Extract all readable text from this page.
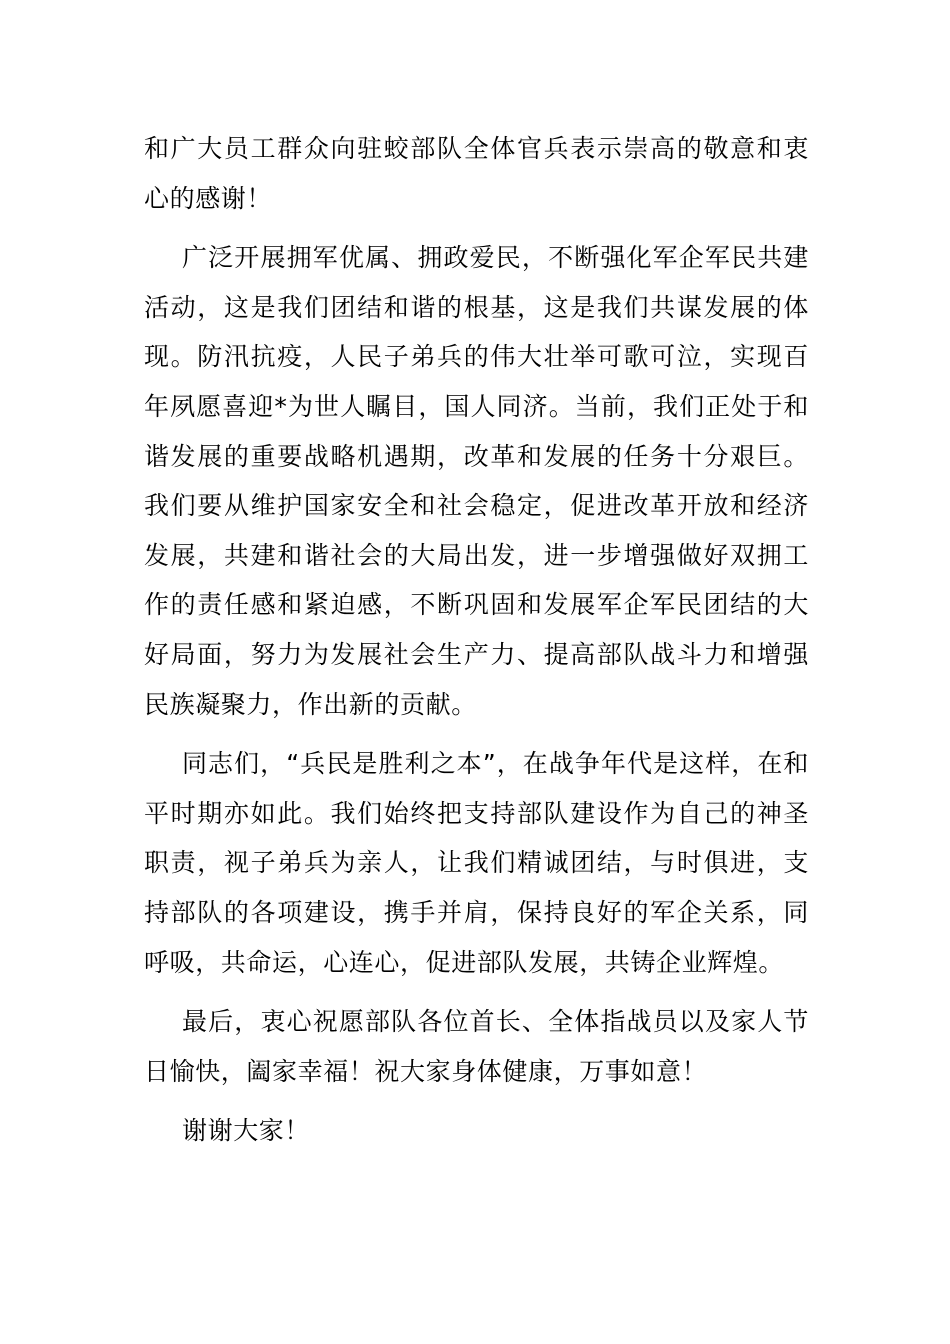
和广大员工群众向驻蛟部队全体官兵表示崇高的敬意和衷心的感谢！

广泛开展拥军优属、拥政爱民，不断强化军企军民共建活动，这是我们团结和谐的根基，这是我们共谋发展的体现。防汛抗疫，人民子弟兵的伟大壮举可歌可泣，实现百年夙愿喜迎*为世人瞩目，国人同济。当前，我们正处于和谐发展的重要战略机遇期，改革和发展的任务十分艰巨。我们要从维护国家安全和社会稳定，促进改革开放和经济发展，共建和谐社会的大局出发，进一步增强做好双拥工作的责任感和紧迫感，不断巩固和发展军企军民团结的大好局面，努力为发展社会生产力、提高部队战斗力和增强民族凝聚力，作出新的贡献。

同志们，“兵民是胜利之本”，在战争年代是这样，在和平时期亦如此。我们始终把支持部队建设作为自己的神圣职责，视子弟兵为亲人，让我们精诚团结，与时俱进，支持部队的各项建设，携手并肩，保持良好的军企关系，同呼吸，共命运，心连心，促进部队发展，共铸企业辉煌。

最后，衷心祝愿部队各位首长、全体指战员以及家人节日愉快，阖家幸福！祝大家身体健康，万事如意！

谢谢大家！
